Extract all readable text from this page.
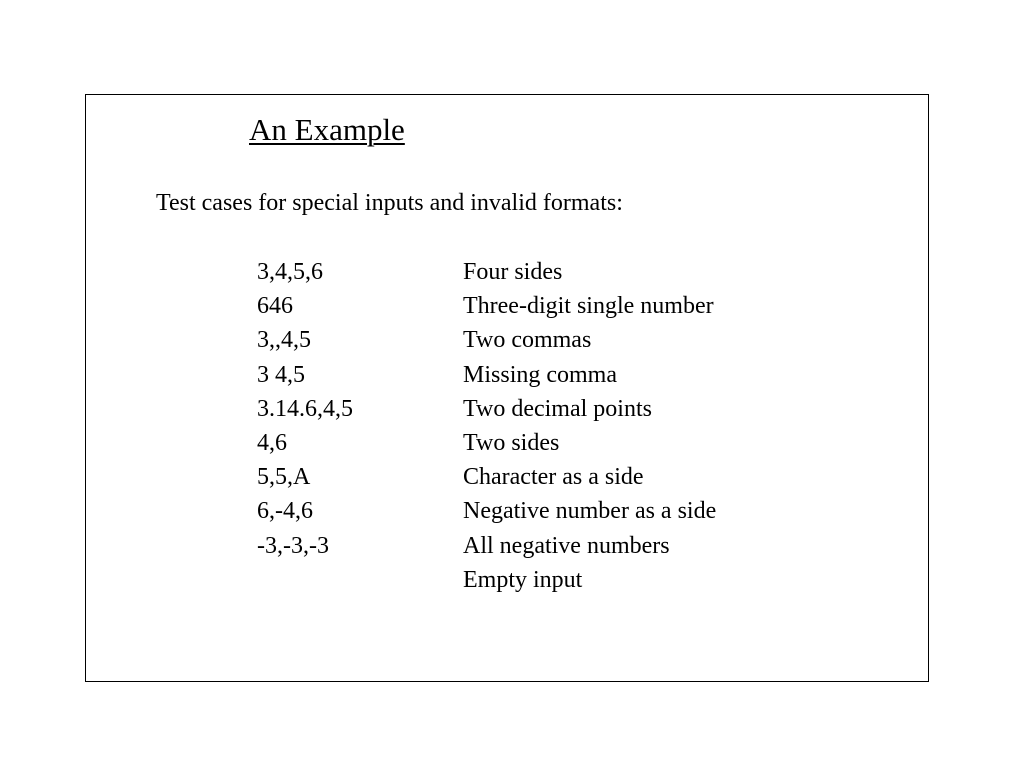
An Example

Test cases for special inputs and invalid formats:

3,4,5,6	Four sides
646	Three-digit single number
3,,4,5	Two commas
3 4,5	Missing comma
3.14.6,4,5	Two decimal points
4,6	Two sides
5,5,A	Character as a side
6,-4,6	Negative number as a side
-3,-3,-3	All negative numbers
	Empty input
